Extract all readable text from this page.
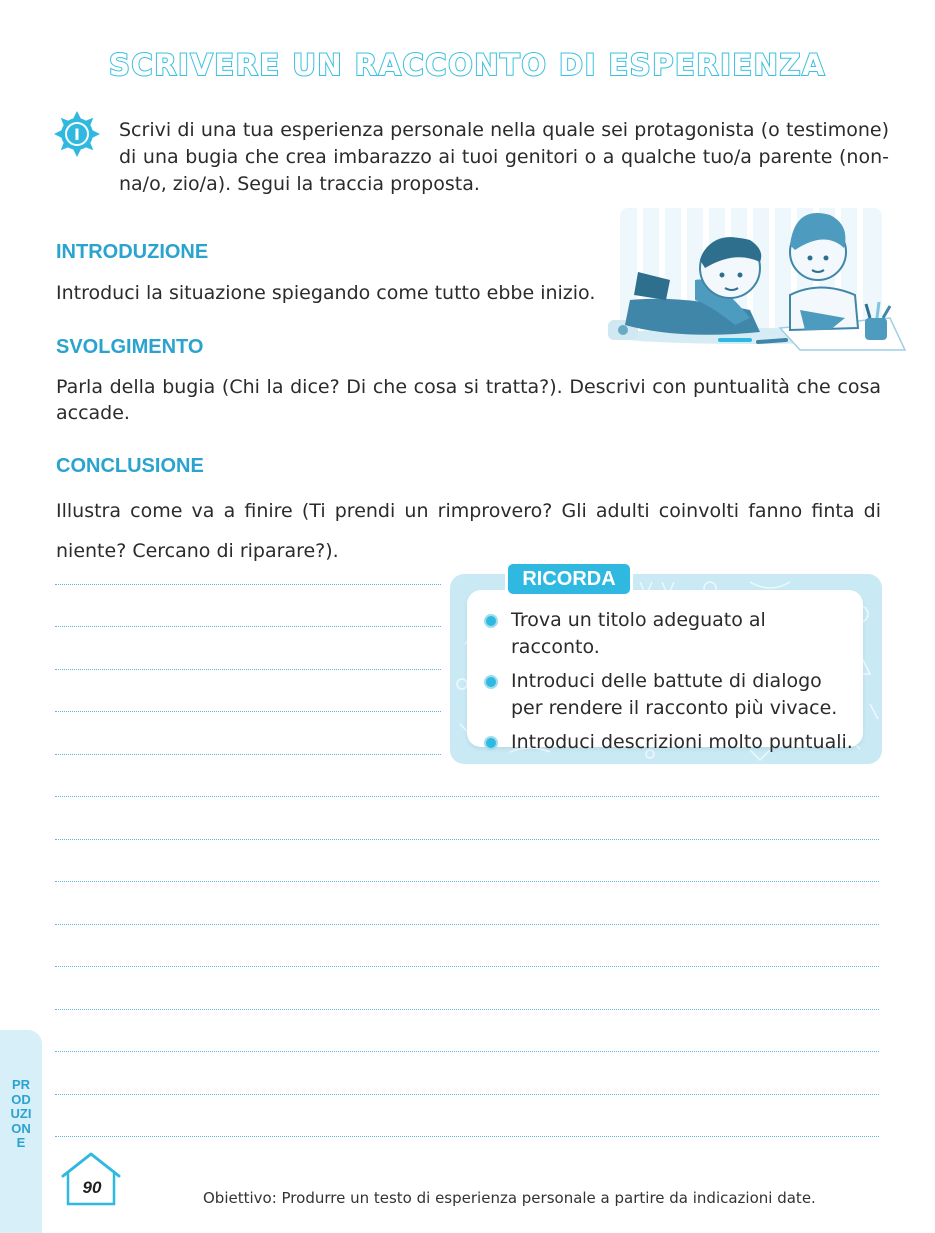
SCRIVERE UN RACCONTO DI ESPERIENZA
I Scrivi di una tua esperienza personale nella quale sei protagonista (o testimone) di una bugia che crea imbarazzo ai tuoi genitori o a qualche tuo/a parente (non-na/o, zio/a). Segui la traccia proposta.
INTRODUZIONE
Introduci la situazione spiegando come tutto ebbe inizio.
SVOLGIMENTO
Parla della bugia (Chi la dice? Di che cosa si tratta?). Descrivi con puntualità che cosa accade.
CONCLUSIONE
Illustra come va a finire (Ti prendi un rimprovero? Gli adulti coinvolti fanno finta di niente? Cercano di riparare?).
RICORDA
Trova un titolo adeguato al racconto.
Introduci delle battute di dialogo per rendere il racconto più vivace.
Introduci descrizioni molto puntuali.
PRODUZIONE
90
Obiettivo: Produrre un testo di esperienza personale a partire da indicazioni date.
